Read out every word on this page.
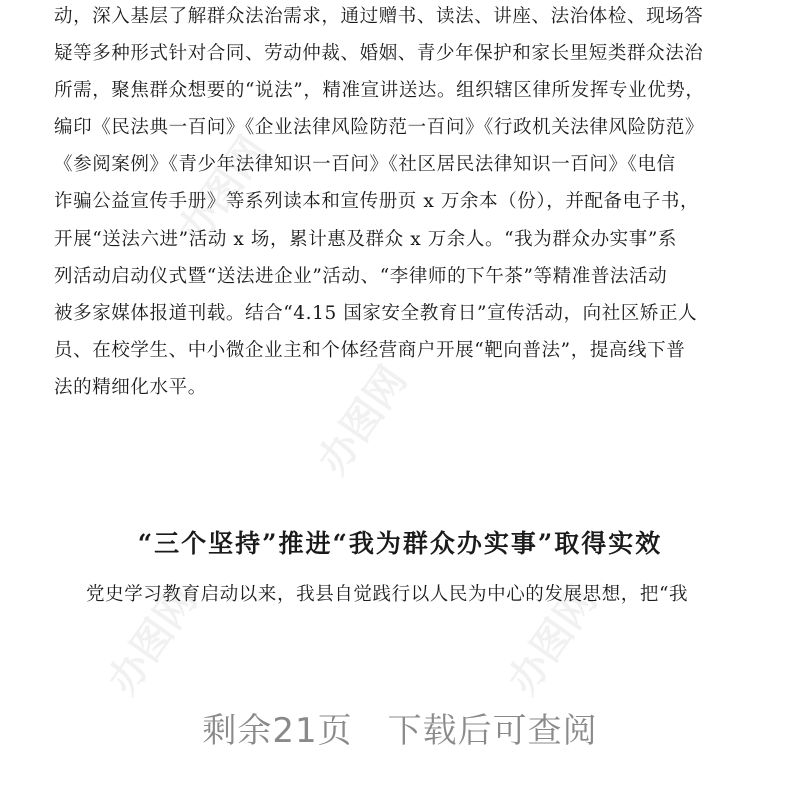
办图网
办图网
办图网	办图网
动，深入基层了解群众法治需求，通过赠书、读法、讲座、法治体检、现场答
疑等多种形式针对合同、劳动仲裁、婚姻、青少年保护和家长里短类群众法治
所需，聚焦群众想要的“说法”，精准宣讲送达。组织辖区律所发挥专业优势，
编印《民法典一百问》《企业法律风险防范一百问》《行政机关法律风险防范》
《参阅案例》《青少年法律知识一百问》《社区居民法律知识一百问》《电信
诈骗公益宣传手册》等系列读本和宣传册页 x 万余本（份），并配备电子书，
开展“送法六进”活动 x 场，累计惠及群众 x 万余人。“我为群众办实事”系
列活动启动仪式暨“送法进企业”活动、“李律师的下午茶”等精准普法活动
被多家媒体报道刊载。结合“4.15 国家安全教育日”宣传活动，向社区矫正人
员、在校学生、中小微企业主和个体经营商户开展“靶向普法”，提高线下普
法的精细化水平。
“三个坚持”推进“我为群众办实事”取得实效
党史学习教育启动以来，我县自觉践行以人民为中心的发展思想，把“我
剩余21页　下载后可查阅
